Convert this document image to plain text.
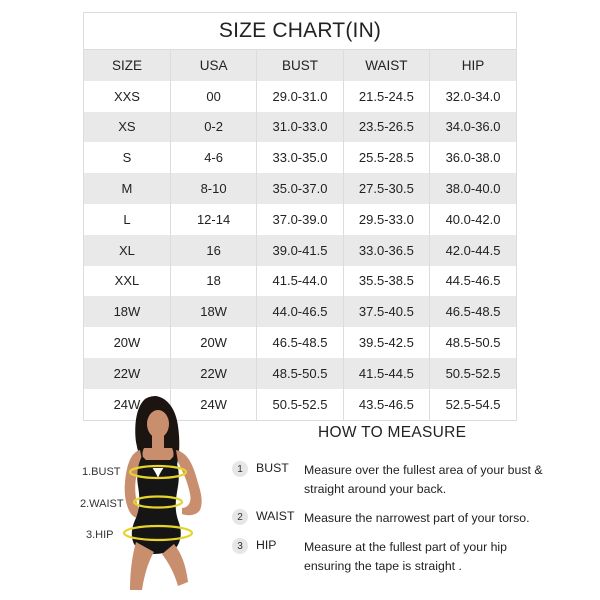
SIZE CHART(IN)
SIZE	USA	BUST	WAIST	HIP
XXS	00	29.0-31.0	21.5-24.5	32.0-34.0
XS	0-2	31.0-33.0	23.5-26.5	34.0-36.0
S	4-6	33.0-35.0	25.5-28.5	36.0-38.0
M	8-10	35.0-37.0	27.5-30.5	38.0-40.0
L	12-14	37.0-39.0	29.5-33.0	40.0-42.0
XL	16	39.0-41.5	33.0-36.5	42.0-44.5
XXL	18	41.5-44.0	35.5-38.5	44.5-46.5
18W	18W	44.0-46.5	37.5-40.5	46.5-48.5
20W	20W	46.5-48.5	39.5-42.5	48.5-50.5
22W	22W	48.5-50.5	41.5-44.5	50.5-52.5
24W	24W	50.5-52.5	43.5-46.5	52.5-54.5
1.BUST
2.WAIST
3.HIP
HOW TO MEASURE
1	BUST Measure over the fullest area of your bust & straight around your back.
2	WAIST Measure the narrowest part of your torso.
3	HIP Measure at the fullest part of your hip ensuring the tape is straight .
